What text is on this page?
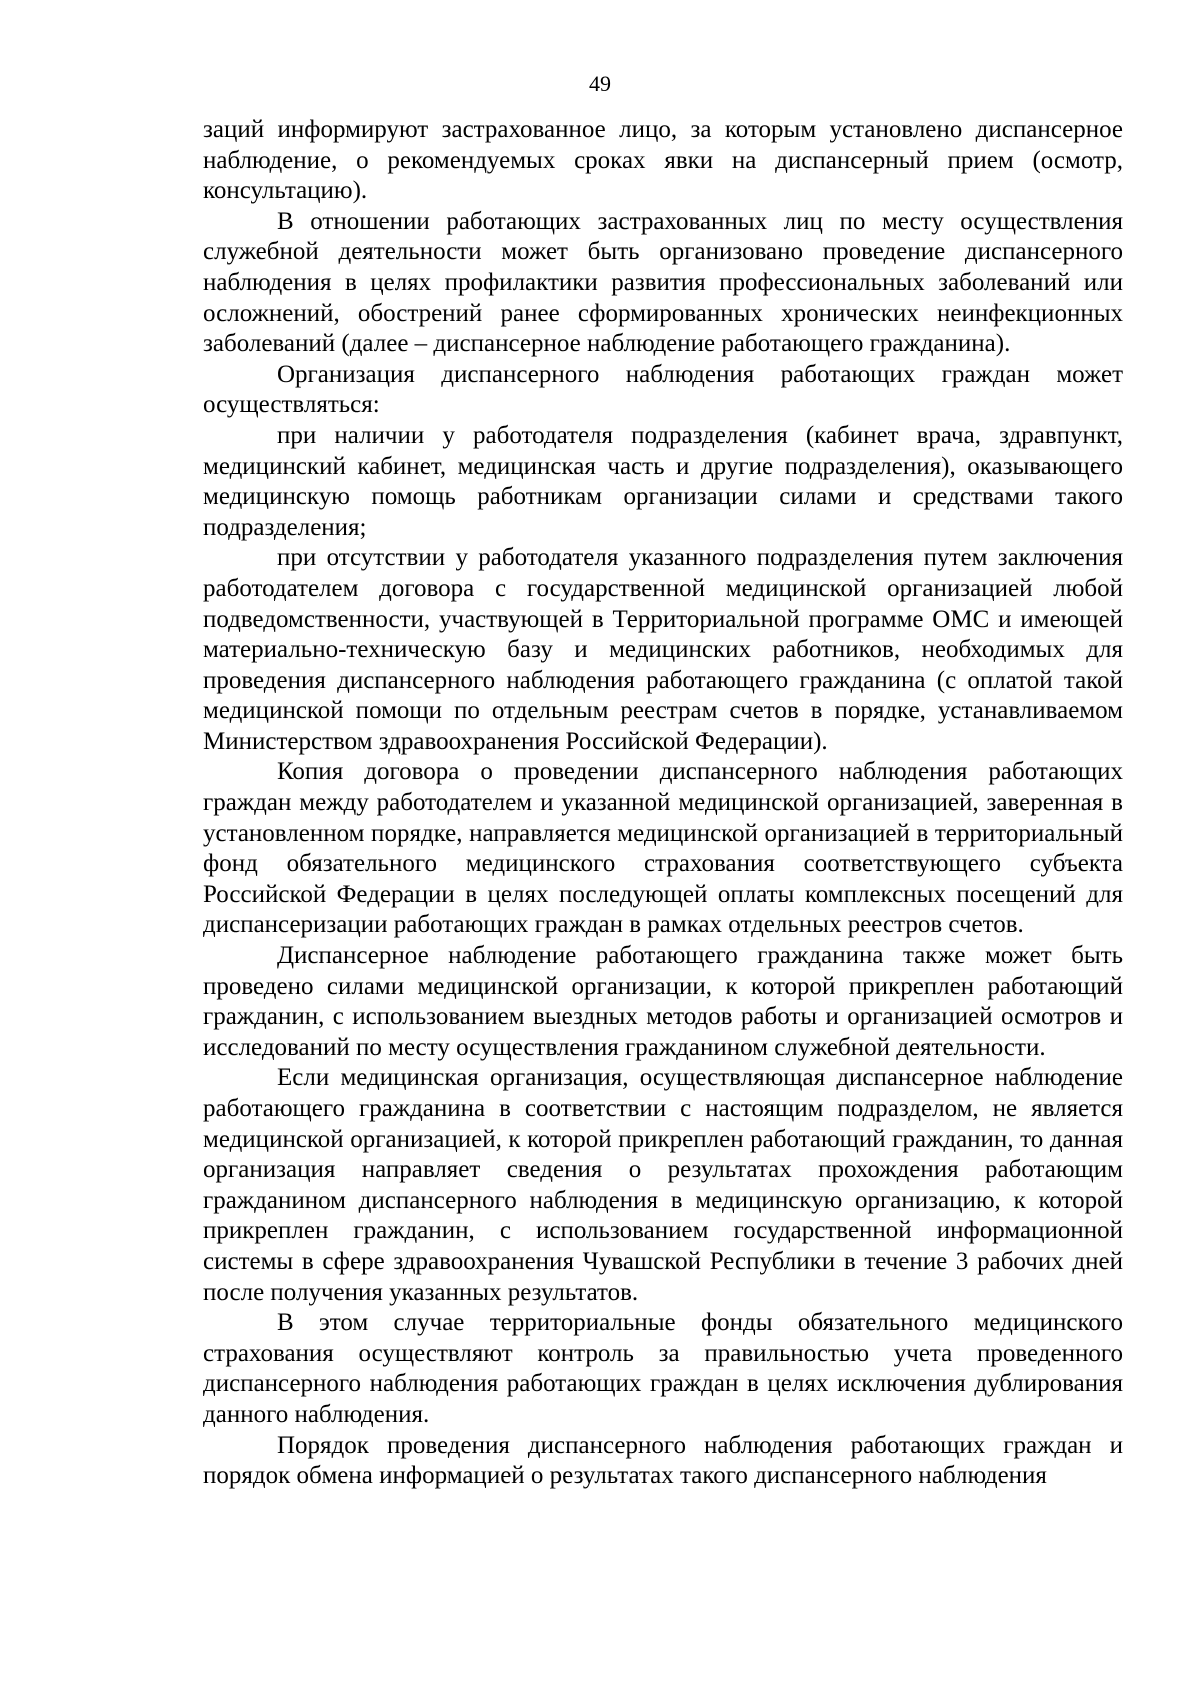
49

заций информируют застрахованное лицо, за которым установлено диспансерное наблюдение, о рекомендуемых сроках явки на диспансерный прием (осмотр, консультацию).

В отношении работающих застрахованных лиц по месту осуществления служебной деятельности может быть организовано проведение диспансерного наблюдения в целях профилактики развития профессиональных заболеваний или осложнений, обострений ранее сформированных хронических неинфекционных заболеваний (далее – диспансерное наблюдение работающего гражданина).

Организация диспансерного наблюдения работающих граждан может осуществляться:

при наличии у работодателя подразделения (кабинет врача, здравпункт, медицинский кабинет, медицинская часть и другие подразделения), оказывающего медицинскую помощь работникам организации силами и средствами такого подразделения;

при отсутствии у работодателя указанного подразделения путем заключения работодателем договора с государственной медицинской организацией любой подведомственности, участвующей в Территориальной программе ОМС и имеющей материально-техническую базу и медицинских работников, необходимых для проведения диспансерного наблюдения работающего гражданина (с оплатой такой медицинской помощи по отдельным реестрам счетов в порядке, устанавливаемом Министерством здравоохранения Российской Федерации).

Копия договора о проведении диспансерного наблюдения работающих граждан между работодателем и указанной медицинской организацией, заверенная в установленном порядке, направляется медицинской организацией в территориальный фонд обязательного медицинского страхования соответствующего субъекта Российской Федерации в целях последующей оплаты комплексных посещений для диспансеризации работающих граждан в рамках отдельных реестров счетов.

Диспансерное наблюдение работающего гражданина также может быть проведено силами медицинской организации, к которой прикреплен работающий гражданин, с использованием выездных методов работы и организацией осмотров и исследований по месту осуществления гражданином служебной деятельности.

Если медицинская организация, осуществляющая диспансерное наблюдение работающего гражданина в соответствии с настоящим подразделом, не является медицинской организацией, к которой прикреплен работающий гражданин, то данная организация направляет сведения о результатах прохождения работающим гражданином диспансерного наблюдения в медицинскую организацию, к которой прикреплен гражданин, с использованием государственной информационной системы в сфере здравоохранения Чувашской Республики в течение 3 рабочих дней после получения указанных результатов.

В этом случае территориальные фонды обязательного медицинского страхования осуществляют контроль за правильностью учета проведенного диспансерного наблюдения работающих граждан в целях исключения дублирования данного наблюдения.

Порядок проведения диспансерного наблюдения работающих граждан и порядок обмена информацией о результатах такого диспансерного наблюдения
